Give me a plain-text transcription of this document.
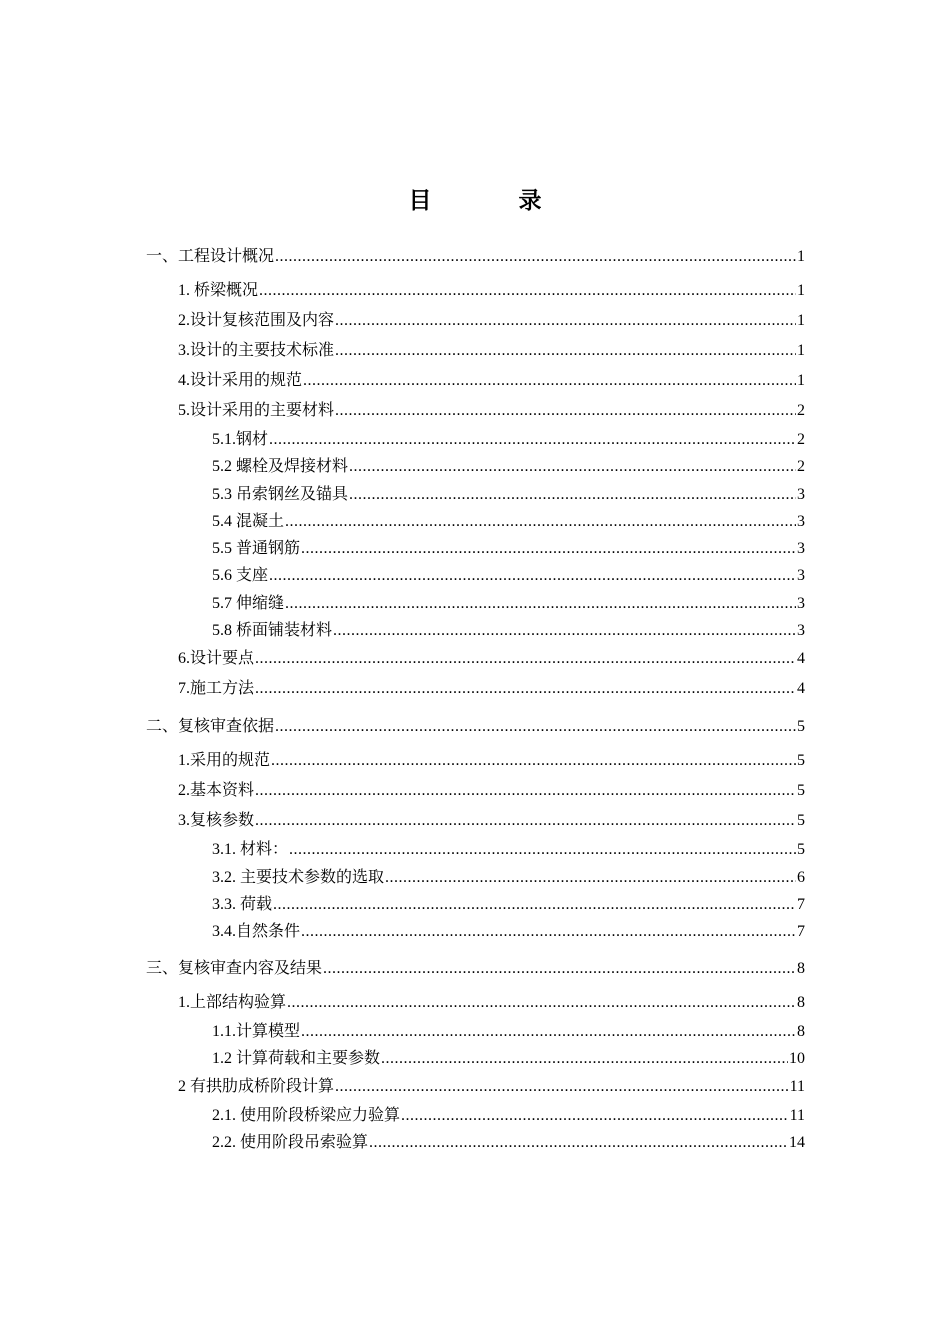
目　录
一、工程设计概况 .....	1
1. 桥梁概况 .....	1
2.设计复核范围及内容 .....	1
3.设计的主要技术标准 .....	1
4.设计采用的规范 .....	1
5.设计采用的主要材料 .....	2
5.1.钢材 .....	2
5.2 螺栓及焊接材料 .....	2
5.3 吊索钢丝及锚具 .....	3
5.4 混凝土 .....	3
5.5 普通钢筋 .....	3
5.6 支座 .....	3
5.7 伸缩缝 .....	3
5.8 桥面铺装材料 .....	3
6.设计要点 .....	4
7.施工方法 .....	4
二、复核审查依据 .....	5
1.采用的规范 .....	5
2.基本资料 .....	5
3.复核参数 .....	5
3.1. 材料： .....	5
3.2. 主要技术参数的选取 .....	6
3.3. 荷载 .....	7
3.4.自然条件 .....	7
三、复核审查内容及结果 .....	8
1.上部结构验算 .....	8
1.1.计算模型 .....	8
1.2 计算荷载和主要参数 .....	10
2 有拱肋成桥阶段计算 .....	11
2.1. 使用阶段桥梁应力验算 .....	11
2.2. 使用阶段吊索验算 .....	14
